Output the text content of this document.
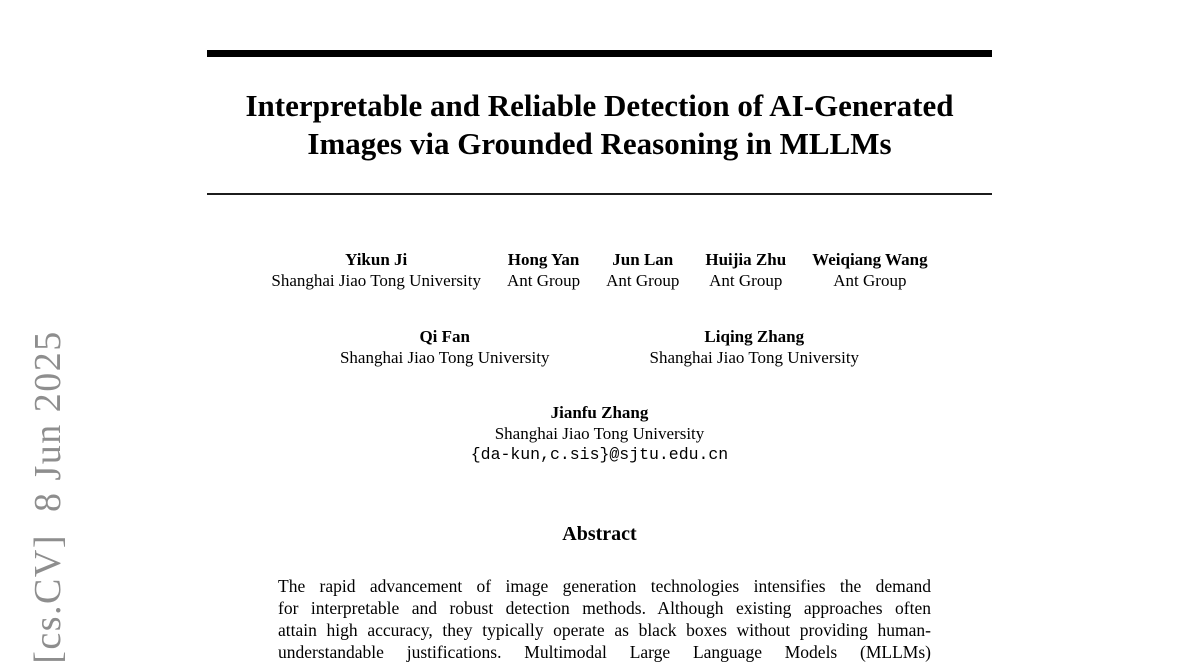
[cs.CV]  8 Jun 2025
Interpretable and Reliable Detection of AI-Generated
Images via Grounded Reasoning in MLLMs
Yikun Ji
Shanghai Jiao Tong University
Hong Yan
Ant Group
Jun Lan
Ant Group
Huijia Zhu
Ant Group
Weiqiang Wang
Ant Group
Qi Fan
Shanghai Jiao Tong University
Liqing Zhang
Shanghai Jiao Tong University
Jianfu Zhang
Shanghai Jiao Tong University
{da-kun,c.sis}@sjtu.edu.cn
Abstract
The rapid advancement of image generation technologies intensifies the demand
for interpretable and robust detection methods. Although existing approaches often
attain high accuracy, they typically operate as black boxes without providing human-
understandable justifications. Multimodal Large Language Models (MLLMs)
